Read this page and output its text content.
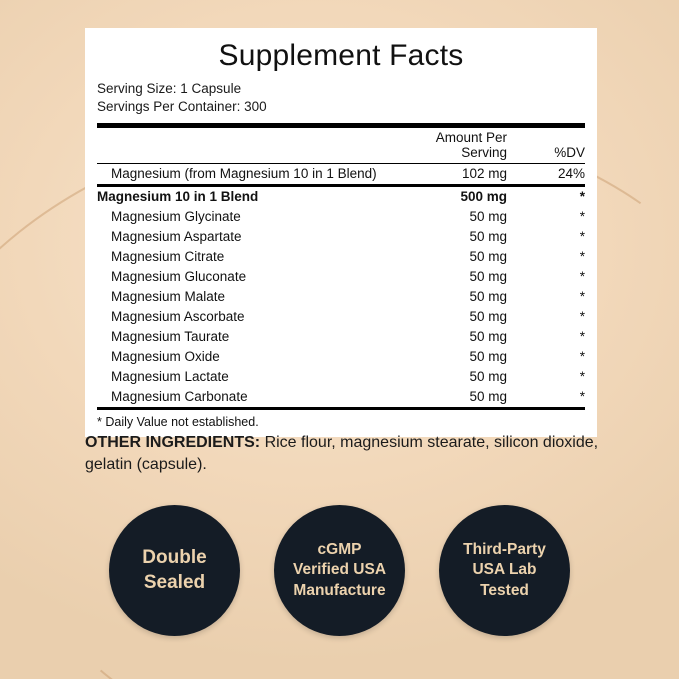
Supplement Facts
Serving Size: 1 Capsule
Servings Per Container: 300
	Amount Per Serving	%DV
Magnesium (from Magnesium 10 in 1 Blend)	102 mg	24%
Magnesium 10 in 1 Blend	500 mg	*
Magnesium Glycinate	50 mg	*
Magnesium Aspartate	50 mg	*
Magnesium Citrate	50 mg	*
Magnesium Gluconate	50 mg	*
Magnesium Malate	50 mg	*
Magnesium Ascorbate	50 mg	*
Magnesium Taurate	50 mg	*
Magnesium Oxide	50 mg	*
Magnesium Lactate	50 mg	*
Magnesium Carbonate	50 mg	*
* Daily Value not established.
OTHER INGREDIENTS: Rice flour, magnesium stearate, silicon dioxide, gelatin (capsule).
Double
Sealed
cGMP
Verified USA
Manufacture
Third-Party
USA Lab
Tested
